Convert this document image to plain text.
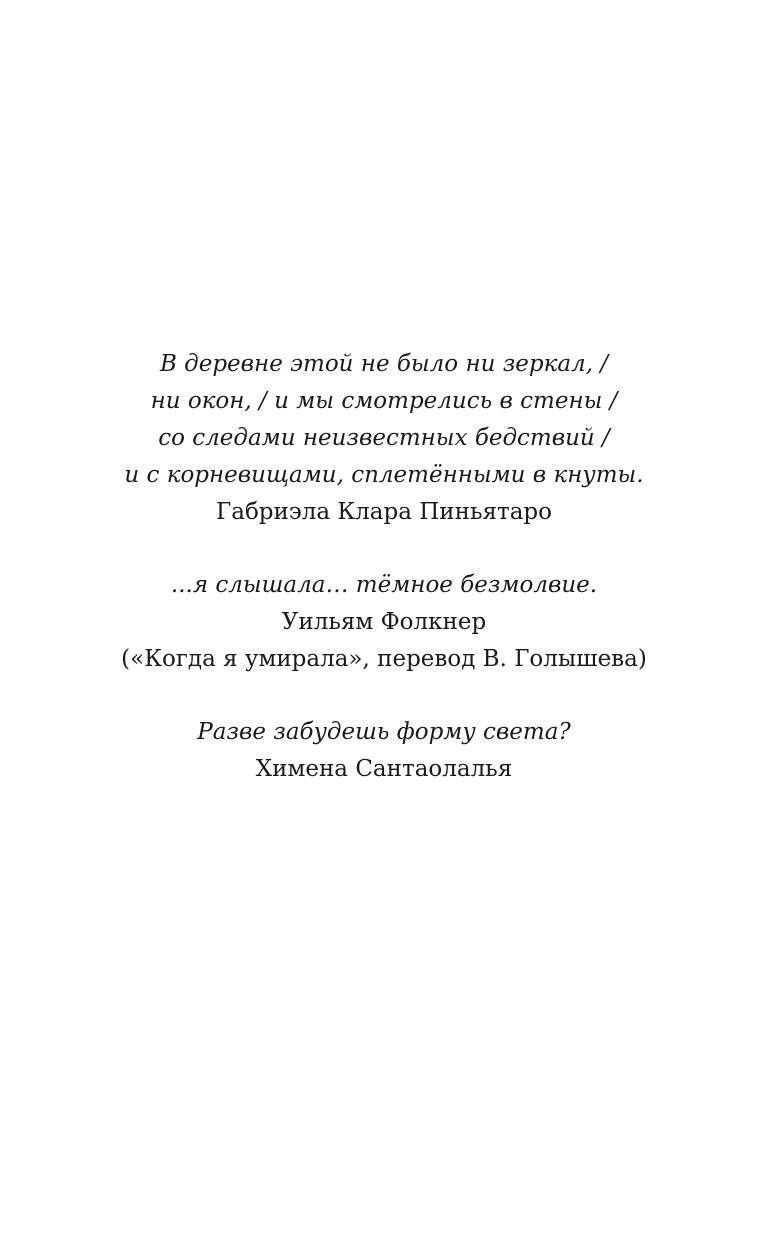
В деревне этой не было ни зеркал, /
ни окон, / и мы смотрелись в стены /
со следами неизвестных бедствий /
и с корневищами, сплетёнными в кнуты.
Габриэла Клара Пиньятаро
...я слышала… тёмное безмолвие.
Уильям Фолкнер
(«Когда я умирала», перевод В. Голышева)
Разве забудешь форму света?
Химена Сантаолалья
